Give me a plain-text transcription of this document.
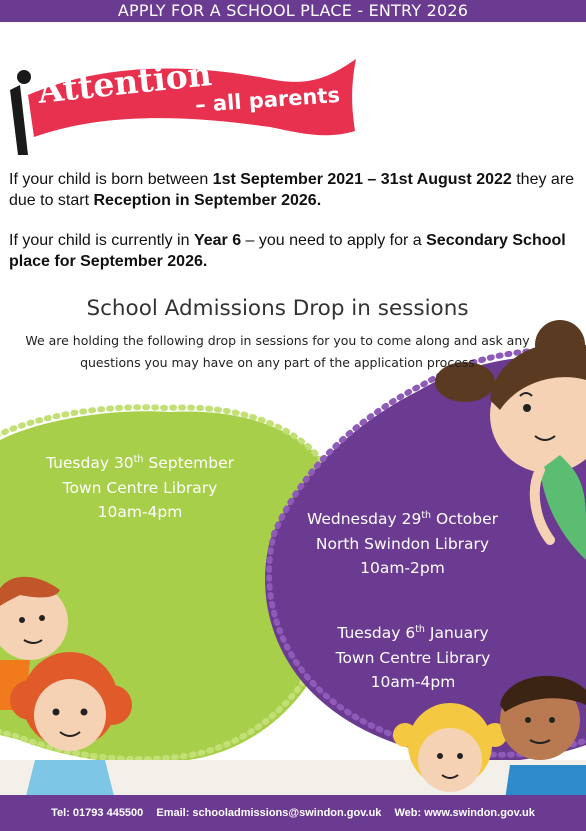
APPLY FOR A SCHOOL PLACE - ENTRY 2026
Attention
– all parents
If your child is born between 1st September 2021 – 31st August 2022 they are due to start Reception in September 2026.
If your child is currently in Year 6 – you need to apply for a Secondary School place for September 2026.
School Admissions Drop in sessions
We are holding the following drop in sessions for you to come along and ask any
questions you may have on any part of the application process
Tuesday 30th September
Town Centre Library
10am-4pm	Wednesday 29th October
North Swindon Library
10am-2pm
Tuesday 6th January
Town Centre Library
10am-4pm
Tel: 01793 445500 Email: schooladmissions@swindon.gov.uk Web: www.swindon.gov.uk
